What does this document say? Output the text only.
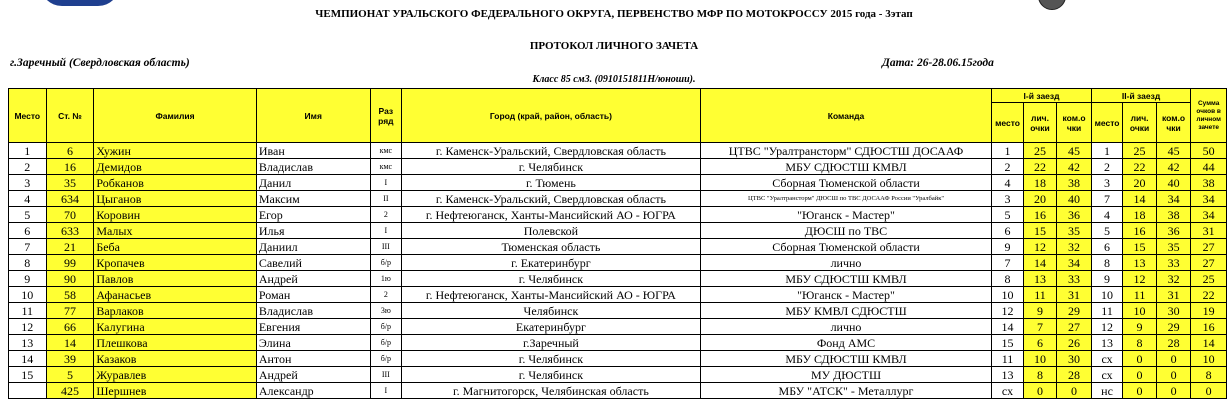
ЧЕМПИОНАТ УРАЛЬСКОГО ФЕДЕРАЛЬНОГО ОКРУГА, ПЕРВЕНСТВО МФР ПО МОТОКРОССУ 2015 года - 3этап
ПРОТОКОЛ ЛИЧНОГО ЗАЧЕТА
г.Заречный (Свердловская область)	Дата: 26-28.06.15года
Класс 85 см3. (0910151811Н/юноши).
Место	Ст. №	Фамилия	Имя	Раз ряд	Город (край, район, область)	Команда	I-й заезд			II-й заезд			Сумма очков в личном зачете
							место	лич. очки	ком.о чки	место	лич. очки	ком.о чки	
1	6	Хужин	Иван	кмс	г. Каменск-Уральский, Свердловская область	ЦТВС "Уралтрансторм" СДЮСТШ ДОСААФ	1	25	45	1	25	45	50
2	16	Демидов	Владислав	кмс	г. Челябинск	МБУ СДЮСТШ КМВЛ	2	22	42	2	22	42	44
3	35	Робканов	Данил	I	г. Тюмень	Сборная Тюменской области	4	18	38	3	20	40	38
4	634	Цыганов	Максим	II	г. Каменск-Уральский, Свердловская область	ЦТВС "Уралтрансторм" ДЮСШ по ТВС ДОСААФ России "Уралбайк"	3	20	40	7	14	34	34
5	70	Коровин	Егор	2	г. Нефтеюганск, Ханты-Мансийский АО - ЮГРА	"Юганск - Мастер"	5	16	36	4	18	38	34
6	633	Малых	Илья	I	Полевской	ДЮСШ по ТВС	6	15	35	5	16	36	31
7	21	Беба	Даниил	III	Тюменская область	Сборная Тюменской области	9	12	32	6	15	35	27
8	99	Кропачев	Савелий	б/р	г. Екатеринбург	лично	7	14	34	8	13	33	27
9	90	Павлов	Андрей	1ю	г. Челябинск	МБУ СДЮСТШ КМВЛ	8	13	33	9	12	32	25
10	58	Афанасьев	Роман	2	г. Нефтеюганск, Ханты-Мансийский АО - ЮГРА	"Юганск - Мастер"	10	11	31	10	11	31	22
11	77	Варлаков	Владислав	3ю	Челябинск	МБУ КМВЛ СДЮСТШ	12	9	29	11	10	30	19
12	66	Калугина	Евгения	б/р	Екатеринбург	лично	14	7	27	12	9	29	16
13	14	Плешкова	Элина	б/р	г.Заречный	Фонд АМС	15	6	26	13	8	28	14
14	39	Казаков	Антон	б/р	г. Челябинск	МБУ СДЮСТШ КМВЛ	11	10	30	сх	0	0	10
15	5	Журавлев	Андрей	III	г. Челябинск	МУ ДЮСТШ	13	8	28	сх	0	0	8
	425	Шершнев	Александр	I	г. Магнитогорск, Челябинская область	МБУ "АТСК" - Металлург	сх	0	0	нс	0	0	0
